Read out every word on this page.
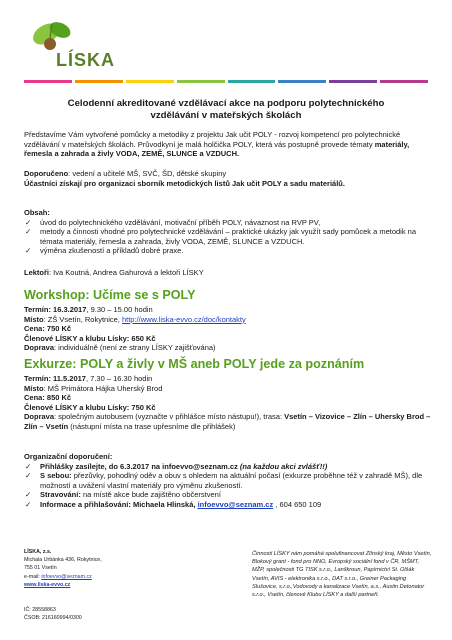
LÍSKA
Celodenní akreditované vzdělávací akce na podporu polytechnického
vzdělávání v mateřských školách
Představíme Vám vytvořené pomůcky a metodiky z projektu Jak učit POLY - rozvoj kompetencí pro polytechnické vzdělávání v mateřských školách. Průvodkyní je malá holčička POLY, která vás postupně provede tématy materiály, řemesla a zahrada a živly VODA, ZEMĚ, SLUNCE a VZDUCH.
Doporučeno: vedení a učitelé MŠ, SVČ, ŠD, dětské skupiny
Účastníci získají pro organizaci sborník metodických listů Jak učit POLY a sadu materiálů.
Obsah:
✓ úvod do polytechnického vzdělávání, motivační příběh POLY, návaznost na RVP PV,
✓ metody a činnosti vhodné pro polytechnické vzdělávání – praktické ukázky jak využít sady pomůcek a metodik na témata materiály, řemesla a zahrada, živly VODA, ZEMĚ, SLUNCE a VZDUCH.
✓ výměna zkušeností a příkladů dobré praxe.
Lektoři: Iva Koutná, Andrea Gahurová a lektoři LÍSKY
Workshop: Učíme se s POLY
Termín: 16.3.2017, 9.30 – 15.00 hodin
Místo: ZŠ Vsetín, Rokytnice, http://www.liska-evvo.cz/doc/kontakty
Cena: 750 Kč
Členové LÍSKY a klubu Lísky: 650 Kč
Doprava: individuálně (není ze strany LÍSKY zajišťována)
Exkurze: POLY a živly v MŠ aneb POLY jede za poznáním
Termín: 11.5.2017, 7.30 – 16.30 hodin
Místo: MŠ Primátora Hájka Uherský Brod
Cena: 850 Kč
Členové LÍSKY a klubu Lísky: 750 Kč
Doprava: společným autobusem (vyznačte v přihlášce místo nástupu!), trasa: Vsetín – Vizovice – Zlín – Uhersky Brod – Zlín – Vsetín (nástupní místa na trase upřesníme dle přihlášek)
Organizační doporučení:
✓ Přihlášky zasílejte, do 6.3.2017 na infoevvo@seznam.cz (na každou akci zvlášť!!)
✓ S sebou: přezůvky, pohodlný oděv a obuv s ohledem na aktuální počasí (exkurze proběhne též v zahradě MŠ), dle možností a uvážení vlastní materiály pro výměnu zkušeností.
✓ Stravování: na místě akce bude zajištěno občerstvení
✓ Informace a přihlašování: Michaela Hlinská, infoevvo@seznam.cz , 604 650 109
LÍSKA, z.s.
Michala Urbánka 436, Rokytnice,
755 01 Vsetín
e-mail: infoevvo@seznam.cz
www.liska-evvo.cz
IČ: 28558863
ČSOB: 216160994/0300
Činnosti LÍSKY nám pomáhá spolufinancovat Zlínský kraj, Město Vsetín, Blokový grant - fond pro NNO, Evropský sociální fond v ČR, MŠMT, MŽP, společnosti TG TISK s.r.o., Lanškroun, Papírnictví St. Olšák Vsetín, AVIS - elektronika s.r.o., DAT s.r.o., Greiner Packaging Slušovice, s.r.o.,Vodovody a kanalizace Vsetín, a.s., Austin Detonator s.r.o., Vsetín, členové Klubu LÍSKY a další partneři.
